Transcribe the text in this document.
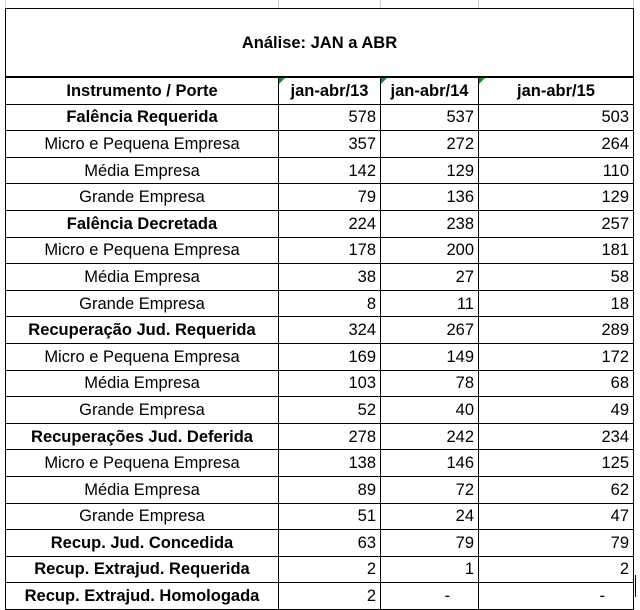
Análise: JAN a ABR			
Instrumento / Porte	jan-abr/13	jan-abr/14	jan-abr/15
Falência Requerida	578	537	503
Micro e Pequena Empresa	357	272	264
Média Empresa	142	129	110
Grande Empresa	79	136	129
Falência Decretada	224	238	257
Micro e Pequena Empresa	178	200	181
Média Empresa	38	27	58
Grande Empresa	8	11	18
Recuperação Jud. Requerida	324	267	289
Micro e Pequena Empresa	169	149	172
Média Empresa	103	78	68
Grande Empresa	52	40	49
Recuperações Jud. Deferida	278	242	234
Micro e Pequena Empresa	138	146	125
Média Empresa	89	72	62
Grande Empresa	51	24	47
Recup. Jud. Concedida	63	79	79
Recup. Extrajud. Requerida	2	1	2
Recup. Extrajud. Homologada	2	-	-
